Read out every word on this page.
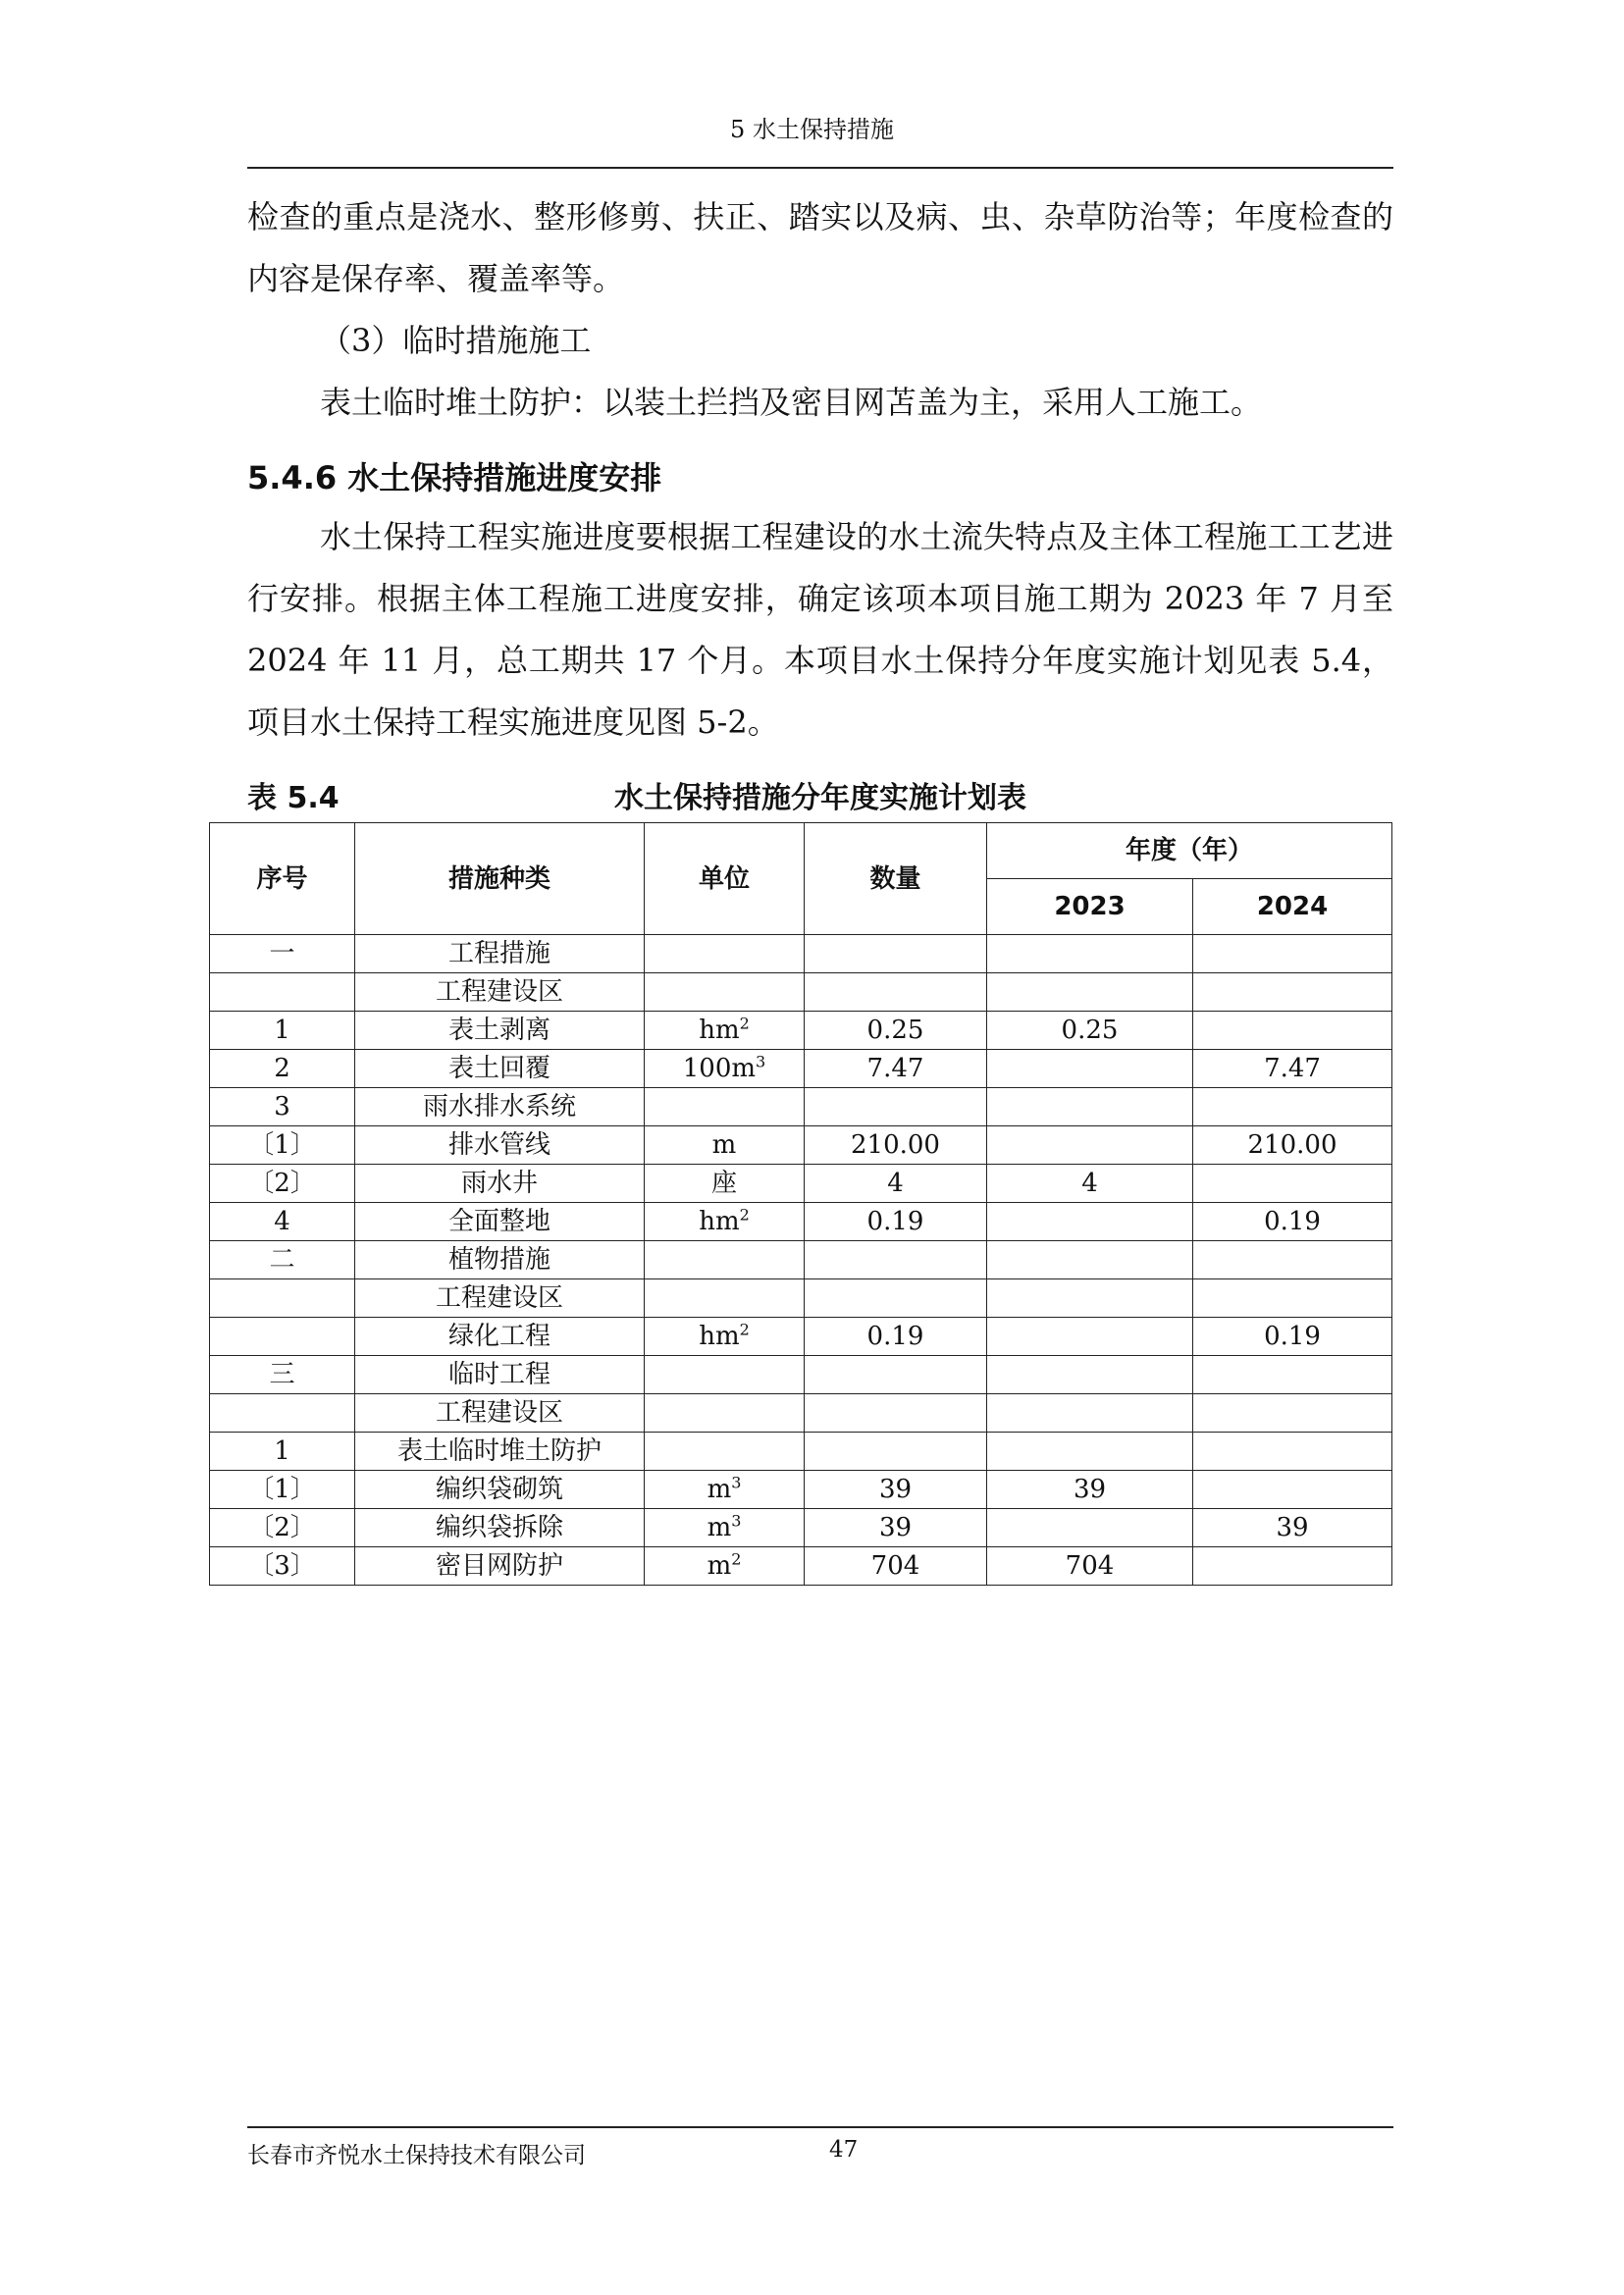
5 水土保持措施

检查的重点是浇水、整形修剪、扶正、踏实以及病、虫、杂草防治等；年度检查的内容是保存率、覆盖率等。

（3）临时措施施工

表土临时堆土防护：以装土拦挡及密目网苫盖为主，采用人工施工。

5.4.6 水土保持措施进度安排

水土保持工程实施进度要根据工程建设的水土流失特点及主体工程施工工艺进行安排。根据主体工程施工进度安排，确定该项本项目施工期为 2023 年 7 月至 2024 年 11 月，总工期共 17 个月。本项目水土保持分年度实施计划见表 5.4，项目水土保持工程实施进度见图 5-2。

表 5.4	水土保持措施分年度实施计划表
序号	措施种类	单位	数量	年度（年）	
				2023	2024
一	工程措施				
	工程建设区				
1	表土剥离	$hm^2$	0.25	0.25	
2	表土回覆	$100m^3$	7.47		7.47
3	雨水排水系统				
〔1〕	排水管线	m	210.00		210.00
〔2〕	雨水井	座	4	4	
4	全面整地	$hm^2$	0.19		0.19
二	植物措施				
	工程建设区				
	绿化工程	$hm^2$	0.19		0.19
三	临时工程				
	工程建设区				
1	表土临时堆土防护				
〔1〕	编织袋砌筑	$m^3$	39	39	
〔2〕	编织袋拆除	$m^3$	39		39
〔3〕	密目网防护	$m^2$	704	704	
长春市齐悦水土保持技术有限公司	47
